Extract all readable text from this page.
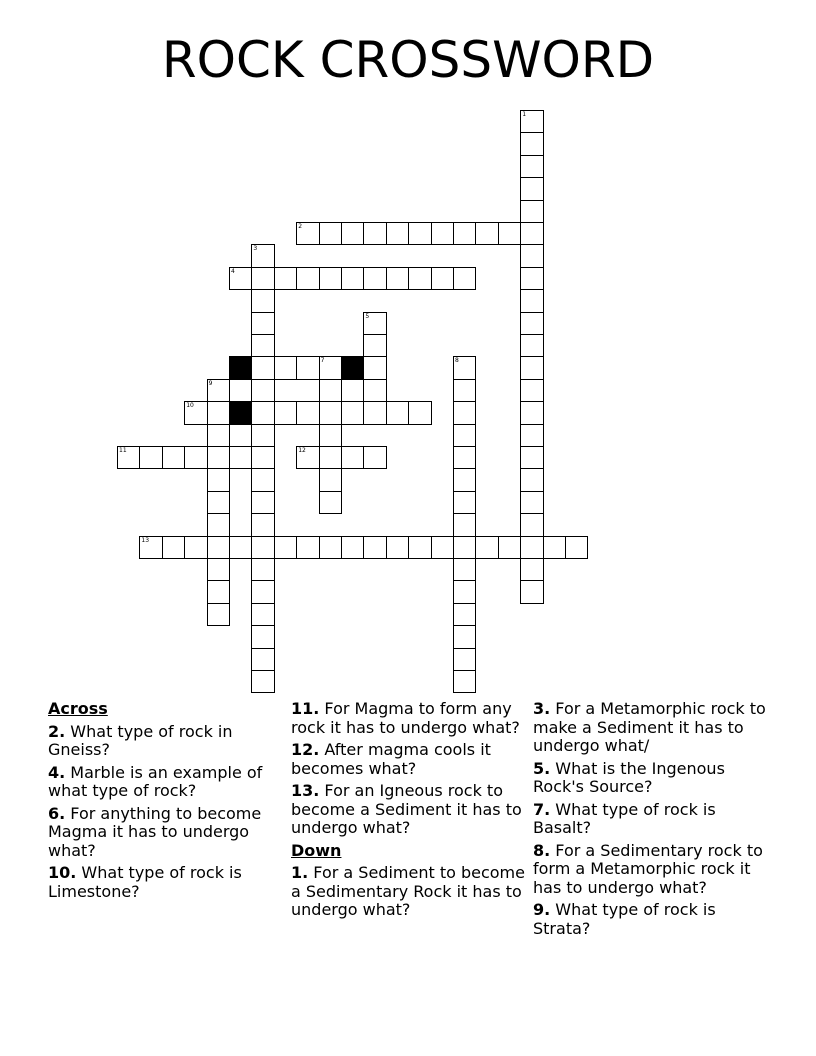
ROCK CROSSWORD
1
2
3
4
5
6	7	8
9
10
11	12
13
Across
2. What type of rock in Gneiss?
4. Marble is an example of what type of rock?
6. For anything to become Magma it has to undergo what?
10. What type of rock is Limestone?
11. For Magma to form any rock it has to undergo what?
12. After magma cools it becomes what?
13. For an Igneous rock to become a Sediment it has to undergo what?
Down
1. For a Sediment to become a Sedimentary Rock it has to undergo what?
3. For a Metamorphic rock to make a Sediment it has to undergo what/
5. What is the Ingenous Rock's Source?
7. What type of rock is Basalt?
8. For a Sedimentary rock to form a Metamorphic rock it has to undergo what?
9. What type of rock is Strata?
